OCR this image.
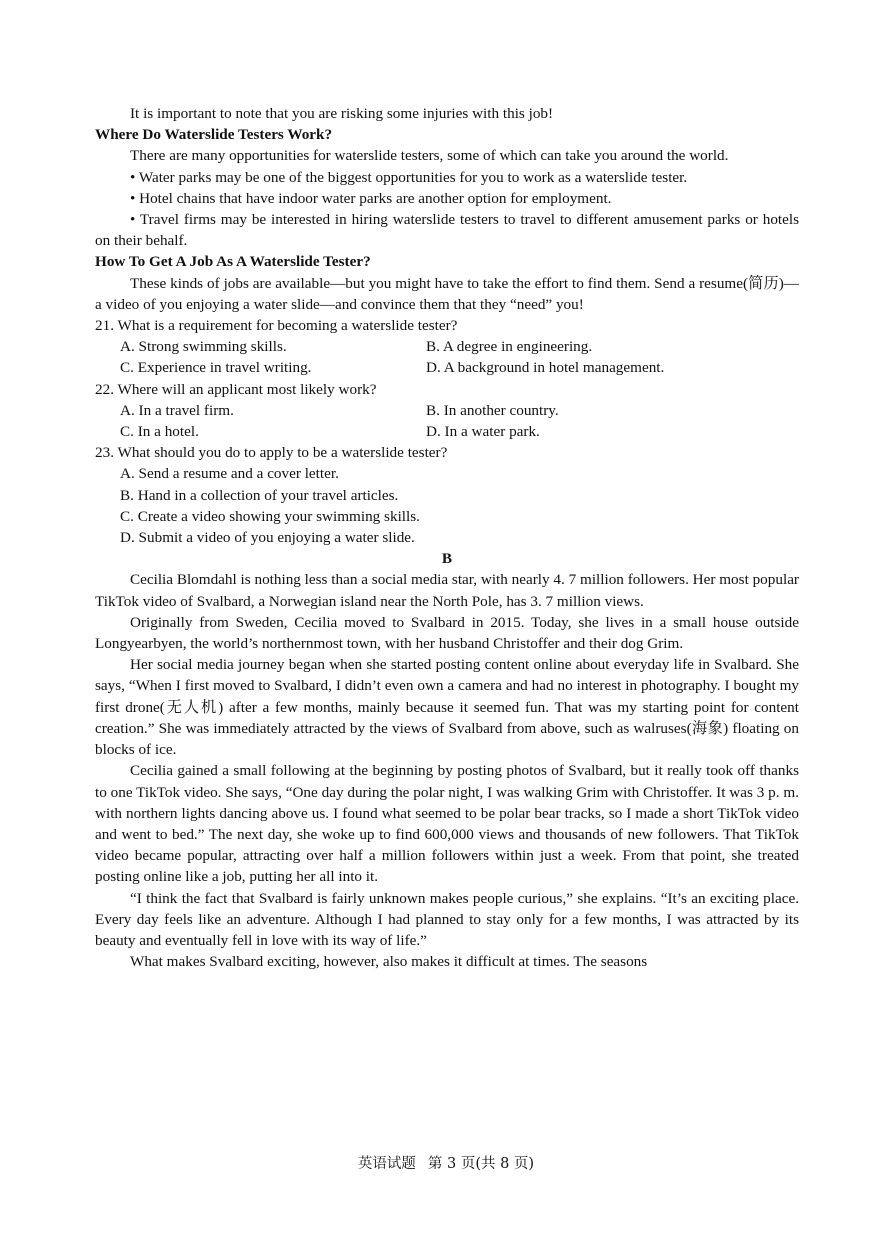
It is important to note that you are risking some injuries with this job!

Where Do Waterslide Testers Work?

There are many opportunities for waterslide testers, some of which can take you around the world.

• Water parks may be one of the biggest opportunities for you to work as a waterslide tester.

• Hotel chains that have indoor water parks are another option for employment.

• Travel firms may be interested in hiring waterslide testers to travel to different amusement parks or hotels on their behalf.

How To Get A Job As A Waterslide Tester?

These kinds of jobs are available—but you might have to take the effort to find them. Send a resume(简历)—a video of you enjoying a water slide—and convince them that they “need” you!

21. What is a requirement for becoming a waterslide tester?

A. Strong swimming skills.	B. A degree in engineering.
C. Experience in travel writing.	D. A background in hotel management.

22. Where will an applicant most likely work?

A. In a travel firm.	B. In another country.
C. In a hotel.	D. In a water park.

23. What should you do to apply to be a waterslide tester?

A. Send a resume and a cover letter.

B. Hand in a collection of your travel articles.

C. Create a video showing your swimming skills.

D. Submit a video of you enjoying a water slide.

B

Cecilia Blomdahl is nothing less than a social media star, with nearly 4. 7 million followers. Her most popular TikTok video of Svalbard, a Norwegian island near the North Pole, has 3. 7 million views.

Originally from Sweden, Cecilia moved to Svalbard in 2015. Today, she lives in a small house outside Longyearbyen, the world’s northernmost town, with her husband Christoffer and their dog Grim.

Her social media journey began when she started posting content online about everyday life in Svalbard. She says, “When I first moved to Svalbard, I didn’t even own a camera and had no interest in photography. I bought my first drone(无人机) after a few months, mainly because it seemed fun. That was my starting point for content creation.” She was immediately attracted by the views of Svalbard from above, such as walruses(海象) floating on blocks of ice.

Cecilia gained a small following at the beginning by posting photos of Svalbard, but it really took off thanks to one TikTok video. She says, “One day during the polar night, I was walking Grim with Christoffer. It was 3 p. m. with northern lights dancing above us. I found what seemed to be polar bear tracks, so I made a short TikTok video and went to bed.” The next day, she woke up to find 600,000 views and thousands of new followers. That TikTok video became popular, attracting over half a million followers within just a week. From that point, she treated posting online like a job, putting her all into it.

“I think the fact that Svalbard is fairly unknown makes people curious,” she explains. “It’s an exciting place. Every day feels like an adventure. Although I had planned to stay only for a few months, I was attracted by its beauty and eventually fell in love with its way of life.”

What makes Svalbard exciting, however, also makes it difficult at times. The seasons

英语试题 第 3 页(共 8 页)
